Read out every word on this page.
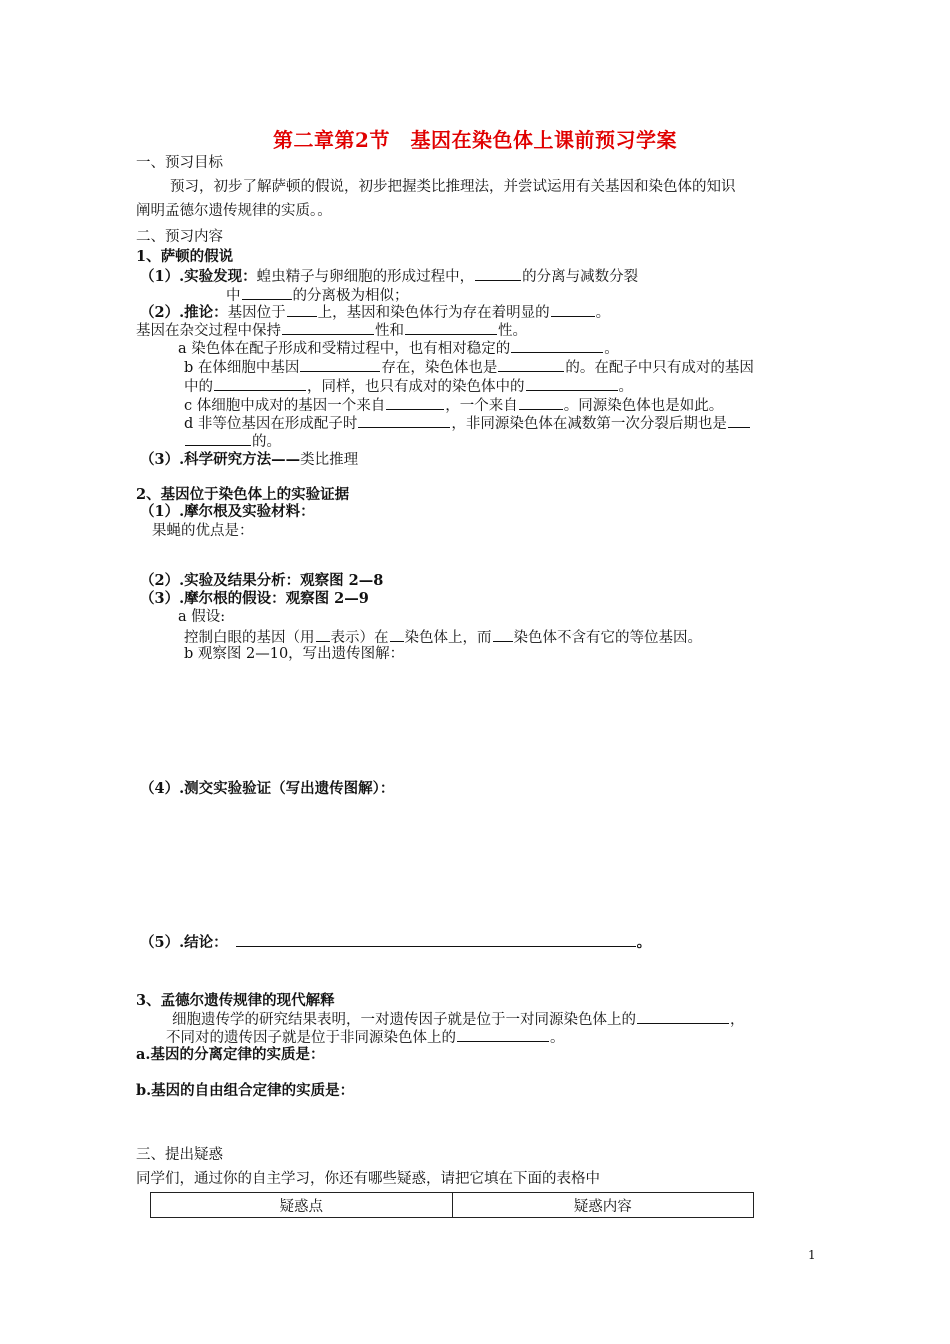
第二章第2节　基因在染色体上课前预习学案
一、预习目标
预习，初步了解萨顿的假说，初步把握类比推理法，并尝试运用有关基因和染色体的知识
阐明孟德尔遗传规律的实质。。
二、预习内容
1、萨顿的假说
（1）.实验发现：蝗虫精子与卵细胞的形成过程中，	的分离与减数分裂
中	的分离极为相似；
（2）.推论：基因位于 上，基因和染色体行为存在着明显的	。
基因在杂交过程中保持	性和	性。
a 染色体在配子形成和受精过程中，也有相对稳定的	。
b 在体细胞中基因	存在，染色体也是	的。在配子中只有成对的基因
中的	，同样，也只有成对的染色体中的	。
c 体细胞中成对的基因一个来自	，一个来自	。同源染色体也是如此。
d 非等位基因在形成配子时	，非同源染色体在减数第一次分裂后期也是
的。
（3）.科学研究方法——类比推理
2、基因位于染色体上的实验证据
（1）.摩尔根及实验材料：
果蝇的优点是：
（2）.实验及结果分析：观察图 2—8
（3）.摩尔根的假设：观察图 2—9
a 假设:
控制白眼的基因（用 表示）在 染色体上，而 染色体不含有它的等位基因。
b 观察图 2—10，写出遗传图解：
（4）.测交实验验证（写出遗传图解）：
（5）.结论：	。
3、孟德尔遗传规律的现代解释
细胞遗传学的研究结果表明，一对遗传因子就是位于一对同源染色体上的	，
不同对的遗传因子就是位于非同源染色体上的	。
a.基因的分离定律的实质是：
b.基因的自由组合定律的实质是：
三、提出疑惑
同学们，通过你的自主学习，你还有哪些疑惑，请把它填在下面的表格中
疑惑点	疑惑内容
1
